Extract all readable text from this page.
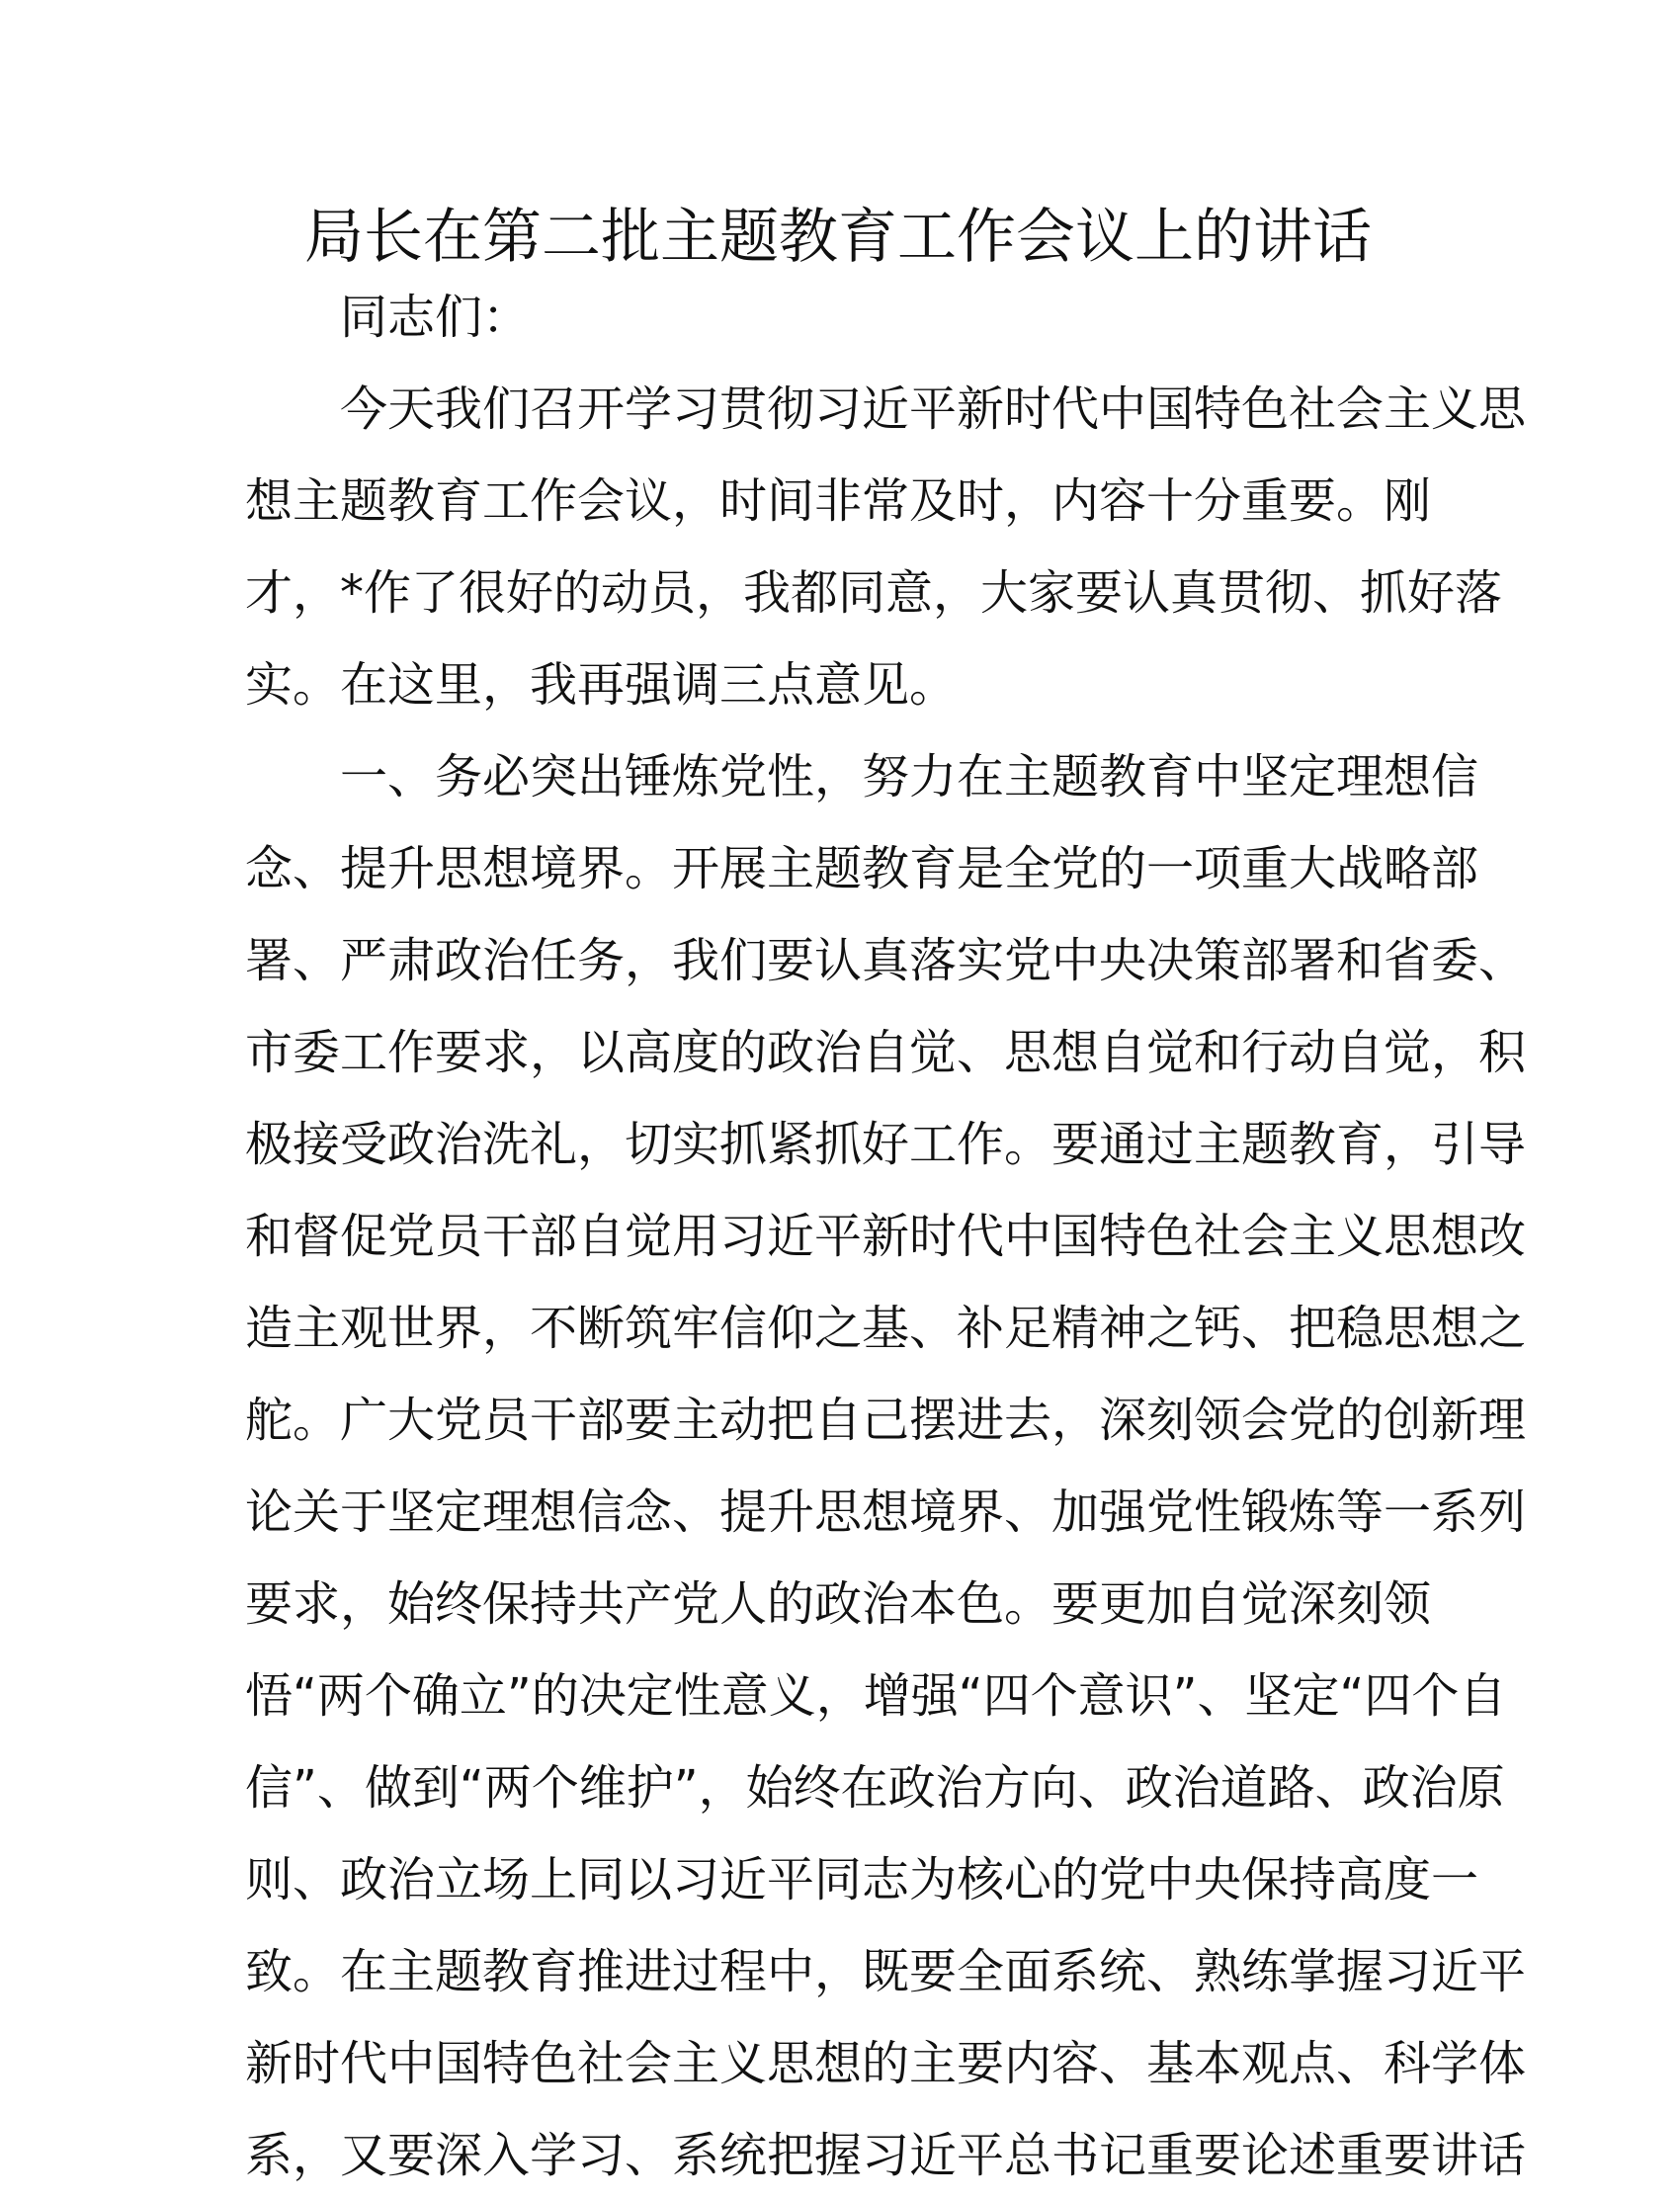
局长在第二批主题教育工作会议上的讲话
同志们：
今天我们召开学习贯彻习近平新时代中国特色社会主义思
想主题教育工作会议，时间非常及时，内容十分重要。刚
才，*作了很好的动员，我都同意，大家要认真贯彻、抓好落
实。在这里，我再强调三点意见。
一、务必突出锤炼党性，努力在主题教育中坚定理想信
念、提升思想境界。开展主题教育是全党的一项重大战略部
署、严肃政治任务，我们要认真落实党中央决策部署和省委、
市委工作要求，以高度的政治自觉、思想自觉和行动自觉，积
极接受政治洗礼，切实抓紧抓好工作。要通过主题教育，引导
和督促党员干部自觉用习近平新时代中国特色社会主义思想改
造主观世界，不断筑牢信仰之基、补足精神之钙、把稳思想之
舵。广大党员干部要主动把自己摆进去，深刻领会党的创新理
论关于坚定理想信念、提升思想境界、加强党性锻炼等一系列
要求，始终保持共产党人的政治本色。要更加自觉深刻领
悟“两个确立”的决定性意义，增强“四个意识”、坚定“四个自
信”、做到“两个维护”，始终在政治方向、政治道路、政治原
则、政治立场上同以习近平同志为核心的党中央保持高度一
致。在主题教育推进过程中，既要全面系统、熟练掌握习近平
新时代中国特色社会主义思想的主要内容、基本观点、科学体
系，又要深入学习、系统把握习近平总书记重要论述重要讲话
